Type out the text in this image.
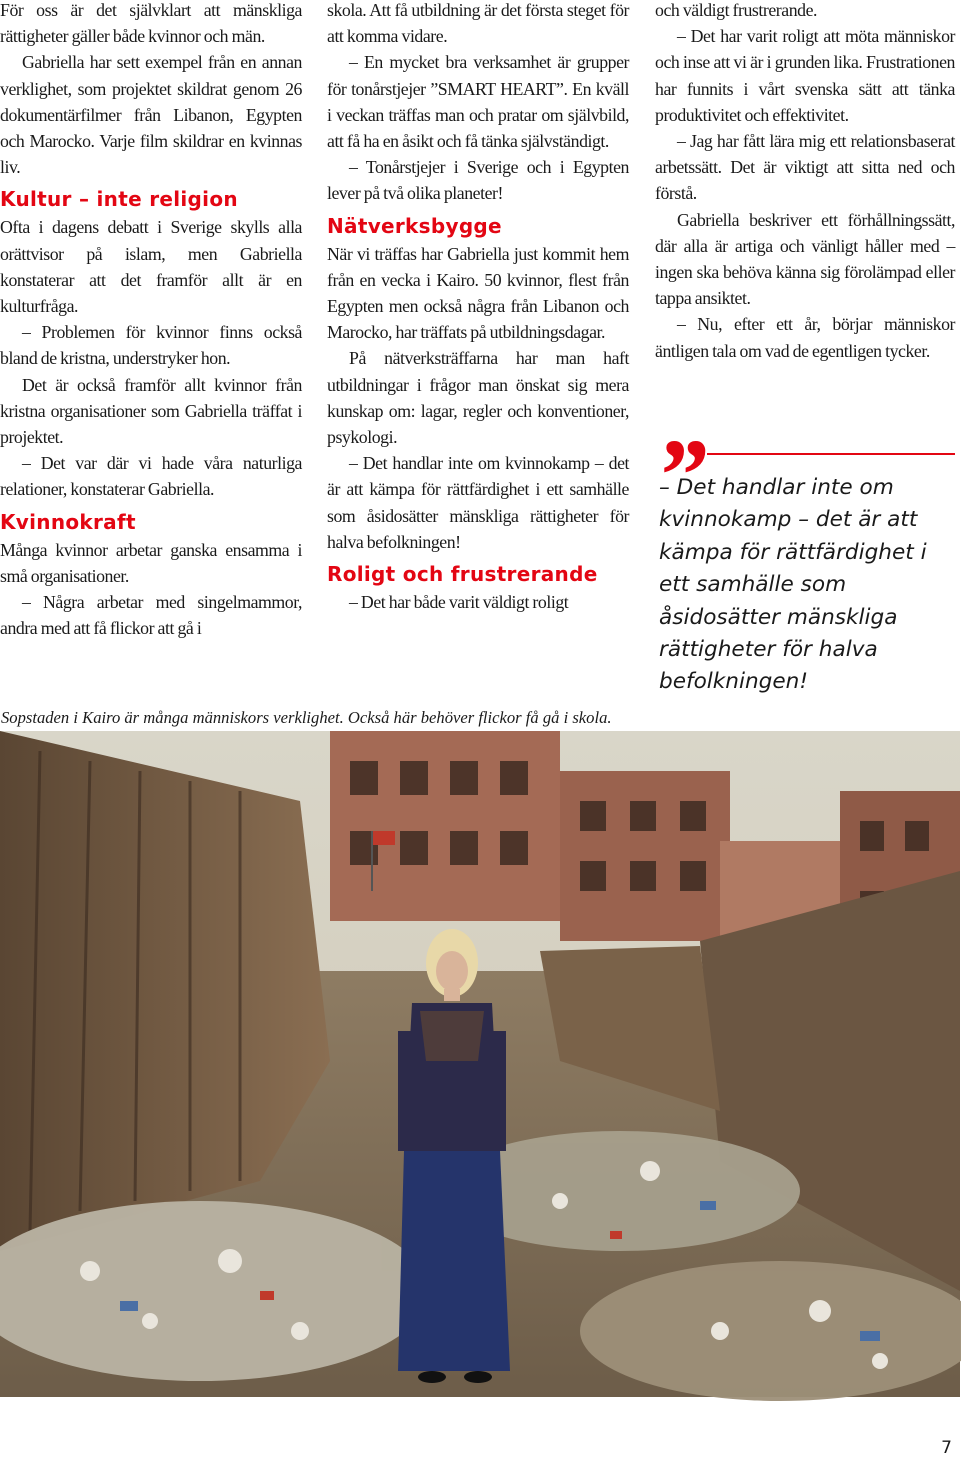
För oss är det självklart att mänskliga rättigheter gäller både kvinnor och män.

Gabriella har sett exempel från en annan verklighet, som projektet skildrat genom 26 dokumentärfilmer från Libanon, Egypten och Marocko. Varje film skildrar en kvinnas liv.

Kultur – inte religion

Ofta i dagens debatt i Sverige skylls alla orättvisor på islam, men Gabriella konstaterar att det framför allt är en kulturfråga.

– Problemen för kvinnor finns också bland de kristna, understryker hon.

Det är också framför allt kvinnor från kristna organisationer som Gabriella träffat i projektet.

– Det var där vi hade våra naturliga relationer, konstaterar Gabriella.

Kvinnokraft

Många kvinnor arbetar ganska ensamma i små organisationer.

– Några arbetar med singelmammor, andra med att få flickor att gå i

skola. Att få utbildning är det första steget för att komma vidare.

– En mycket bra verksamhet är grupper för tonårstjejer ”SMART HEART”. En kväll i veckan träffas man och pratar om självbild, att få ha en åsikt och få tänka självständigt.

– Tonårstjejer i Sverige och i Egypten lever på två olika planeter!

Nätverksbygge

När vi träffas har Gabriella just kommit hem från en vecka i Kairo. 50 kvinnor, flest från Egypten men också några från Libanon och Marocko, har träffats på utbildningsdagar.

På nätverksträffarna har man haft utbildningar i frågor man önskat sig mera kunskap om: lagar, regler och konventioner, psykologi.

– Det handlar inte om kvinnokamp – det är att kämpa för rättfärdighet i ett samhälle som åsidosätter mänskliga rättigheter för halva befolkningen!

Roligt och frustrerande

– Det har både varit väldigt roligt

och väldigt frustrerande.

– Det har varit roligt att möta människor och inse att vi är i grunden lika. Frustrationen har funnits i vårt svenska sätt att tänka produktivitet och effektivitet.

– Jag har fått lära mig ett relationsbaserat arbetssätt. Det är viktigt att sitta ned och förstå.

Gabriella beskriver ett förhållningssätt, där alla är artiga och vänligt håller med – ingen ska behöva känna sig förolämpad eller tappa ansiktet.

– Nu, efter ett år, börjar människor äntligen tala om vad de egentligen tycker.

”
– Det handlar inte om kvinnokamp – det är att kämpa för rättfärdighet i ett samhälle som åsidosätter mänskliga rättigheter för halva befolkningen!
Sopstaden i Kairo är många människors verklighet. Också här behöver flickor få gå i skola.
7
